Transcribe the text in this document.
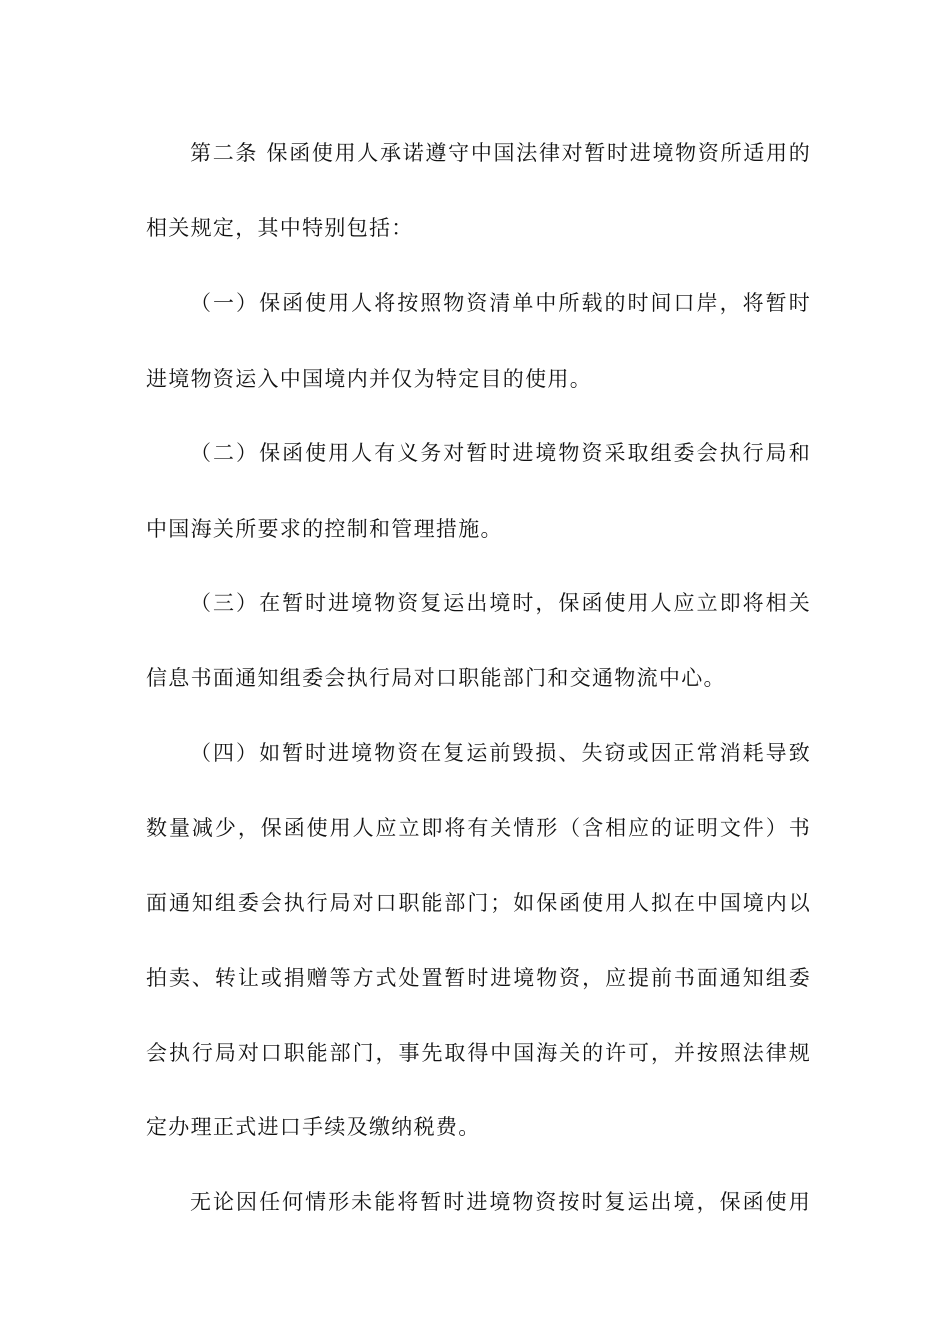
第二条 保函使用人承诺遵守中国法律对暂时进境物资所适用的

相关规定，其中特别包括：

（一）保函使用人将按照物资清单中所载的时间口岸，将暂时

进境物资运入中国境内并仅为特定目的使用。

（二）保函使用人有义务对暂时进境物资采取组委会执行局和

中国海关所要求的控制和管理措施。

（三）在暂时进境物资复运出境时，保函使用人应立即将相关

信息书面通知组委会执行局对口职能部门和交通物流中心。

（四）如暂时进境物资在复运前毁损、失窃或因正常消耗导致

数量减少，保函使用人应立即将有关情形（含相应的证明文件）书

面通知组委会执行局对口职能部门；如保函使用人拟在中国境内以

拍卖、转让或捐赠等方式处置暂时进境物资，应提前书面通知组委

会执行局对口职能部门，事先取得中国海关的许可，并按照法律规

定办理正式进口手续及缴纳税费。

无论因任何情形未能将暂时进境物资按时复运出境，保函使用
